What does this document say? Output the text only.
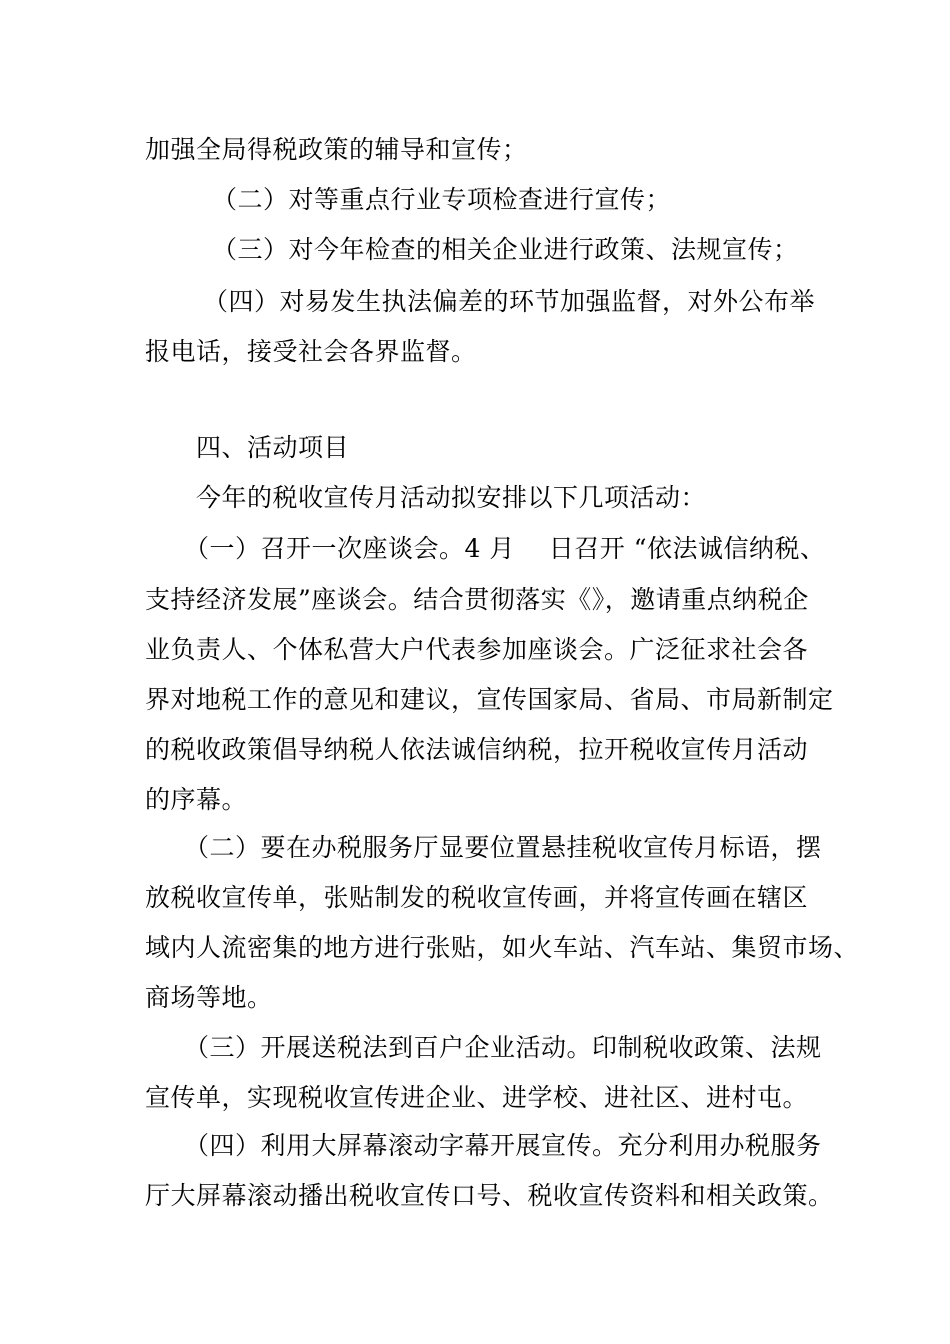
加强全局得税政策的辅导和宣传；
（二）对等重点行业专项检查进行宣传；
（三）对今年检查的相关企业进行政策、法规宣传；
（四）对易发生执法偏差的环节加强监督，对外公布举
报电话，接受社会各界监督。
四、活动项目
今年的税收宣传月活动拟安排以下几项活动：
（一）召开一次座谈会。4 月　 日召开 “依法诚信纳税、
支持经济发展”座谈会。结合贯彻落实《》，邀请重点纳税企
业负责人、个体私营大户代表参加座谈会。广泛征求社会各
界对地税工作的意见和建议，宣传国家局、省局、市局新制定
的税收政策倡导纳税人依法诚信纳税，拉开税收宣传月活动
的序幕。
（二）要在办税服务厅显要位置悬挂税收宣传月标语，摆
放税收宣传单，张贴制发的税收宣传画，并将宣传画在辖区
域内人流密集的地方进行张贴，如火车站、汽车站、集贸市场、
商场等地。
（三）开展送税法到百户企业活动。印制税收政策、法规
宣传单，实现税收宣传进企业、进学校、进社区、进村屯。
（四）利用大屏幕滚动字幕开展宣传。充分利用办税服务
厅大屏幕滚动播出税收宣传口号、税收宣传资料和相关政策。
